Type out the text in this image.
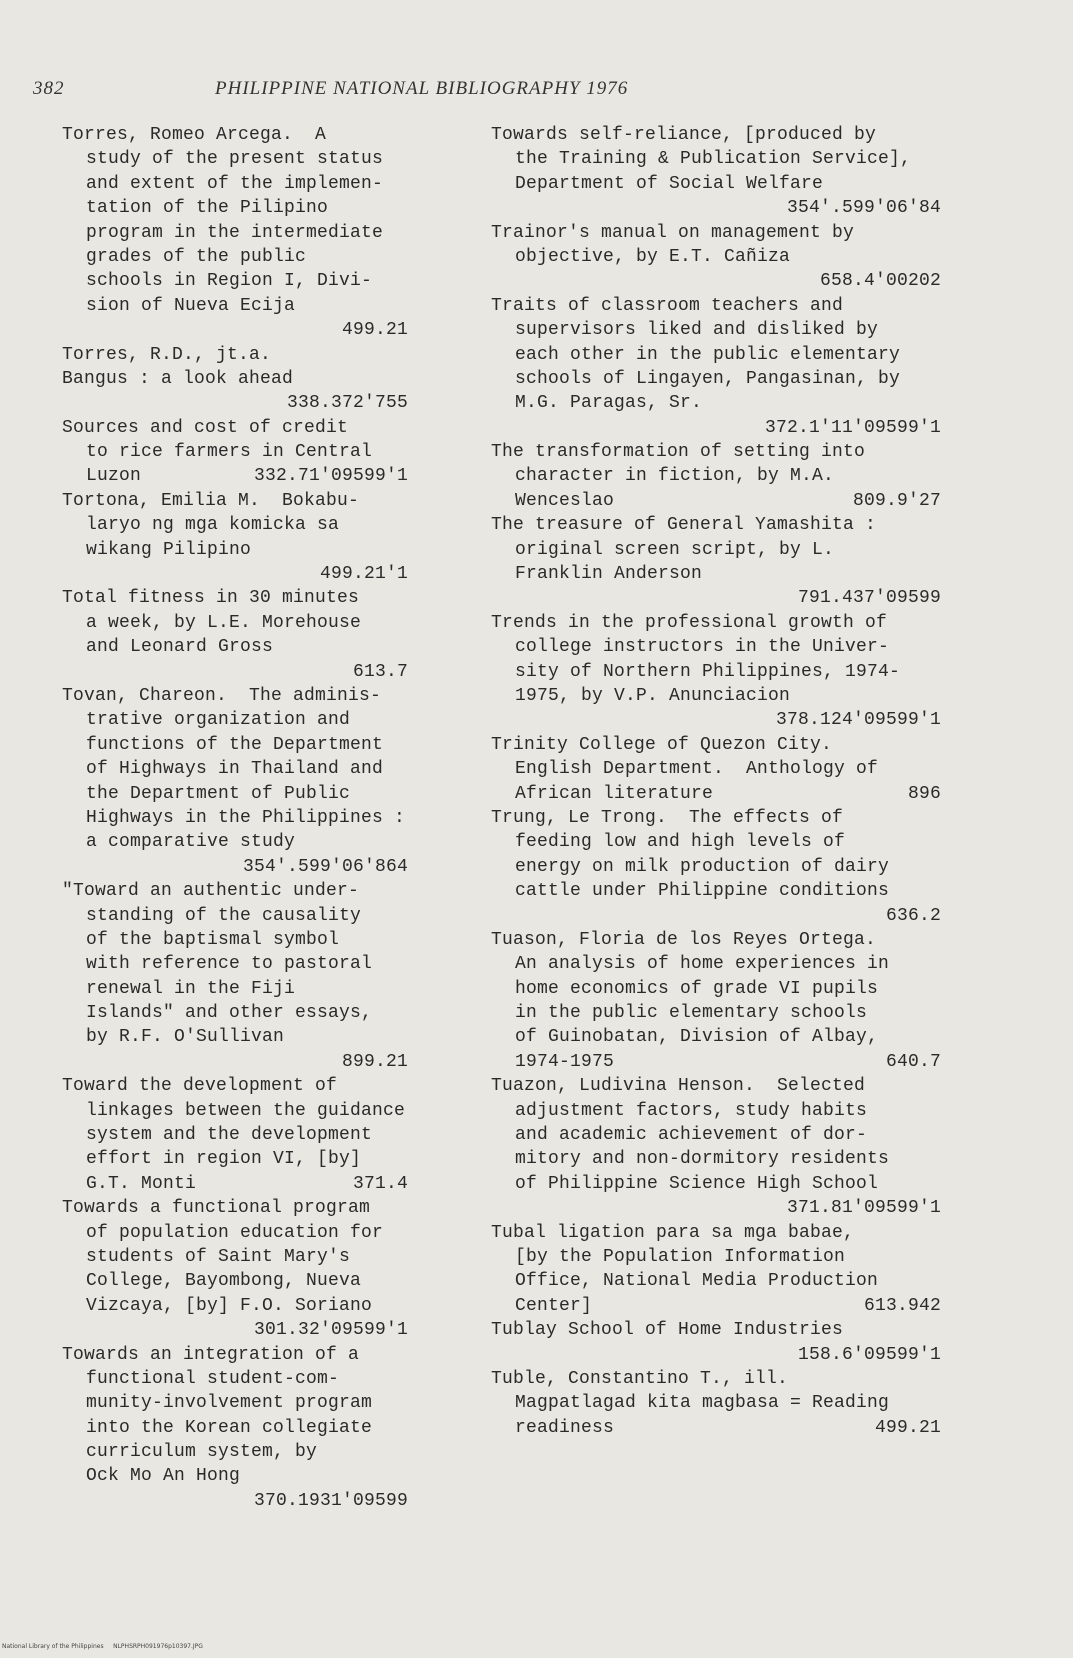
382	PHILIPPINE NATIONAL BIBLIOGRAPHY 1976
Torres, Romeo Arcega.  A
study of the present status
and extent of the implemen-
tation of the Pilipino
program in the intermediate
grades of the public
schools in Region I, Divi-
sion of Nueva Ecija
499.21
Torres, R.D., jt.a.
Bangus : a look ahead
338.372'755
Sources and cost of credit
to rice farmers in Central
Luzon	332.71'09599'1
Tortona, Emilia M.  Bokabu-
laryo ng mga komicka sa
wikang Pilipino
499.21'1
Total fitness in 30 minutes
a week, by L.E. Morehouse
and Leonard Gross
613.7
Tovan, Chareon.  The adminis-
trative organization and
functions of the Department
of Highways in Thailand and
the Department of Public
Highways in the Philippines :
a comparative study
354'.599'06'864
"Toward an authentic under-
standing of the causality
of the baptismal symbol
with reference to pastoral
renewal in the Fiji
Islands" and other essays,
by R.F. O'Sullivan
899.21
Toward the development of
linkages between the guidance
system and the development
effort in region VI, [by]
G.T. Monti	371.4
Towards a functional program
of population education for
students of Saint Mary's
College, Bayombong, Nueva
Vizcaya, [by] F.O. Soriano
301.32'09599'1
Towards an integration of a
functional student-com-
munity-involvement program
into the Korean collegiate
curriculum system, by
Ock Mo An Hong
370.1931'09599
Towards self-reliance, [produced by
the Training & Publication Service],
Department of Social Welfare
354'.599'06'84
Trainor's manual on management by
objective, by E.T. Cañiza
658.4'00202
Traits of classroom teachers and
supervisors liked and disliked by
each other in the public elementary
schools of Lingayen, Pangasinan, by
M.G. Paragas, Sr.
372.1'11'09599'1
The transformation of setting into
character in fiction, by M.A.
Wenceslao	809.9'27
The treasure of General Yamashita :
original screen script, by L.
Franklin Anderson
791.437'09599
Trends in the professional growth of
college instructors in the Univer-
sity of Northern Philippines, 1974-
1975, by V.P. Anunciacion
378.124'09599'1
Trinity College of Quezon City.
English Department.  Anthology of
African literature	896
Trung, Le Trong.  The effects of
feeding low and high levels of
energy on milk production of dairy
cattle under Philippine conditions
636.2
Tuason, Floria de los Reyes Ortega.
An analysis of home experiences in
home economics of grade VI pupils
in the public elementary schools
of Guinobatan, Division of Albay,
1974-1975	640.7
Tuazon, Ludivina Henson.  Selected
adjustment factors, study habits
and academic achievement of dor-
mitory and non-dormitory residents
of Philippine Science High School
371.81'09599'1
Tubal ligation para sa mga babae,
[by the Population Information
Office, National Media Production
Center]	613.942
Tublay School of Home Industries
158.6'09599'1
Tuble, Constantino T., ill.
Magpatlagad kita magbasa = Reading
readiness	499.21
National Library of the Philippines     NLPHSRPH091976p10397.JPG
